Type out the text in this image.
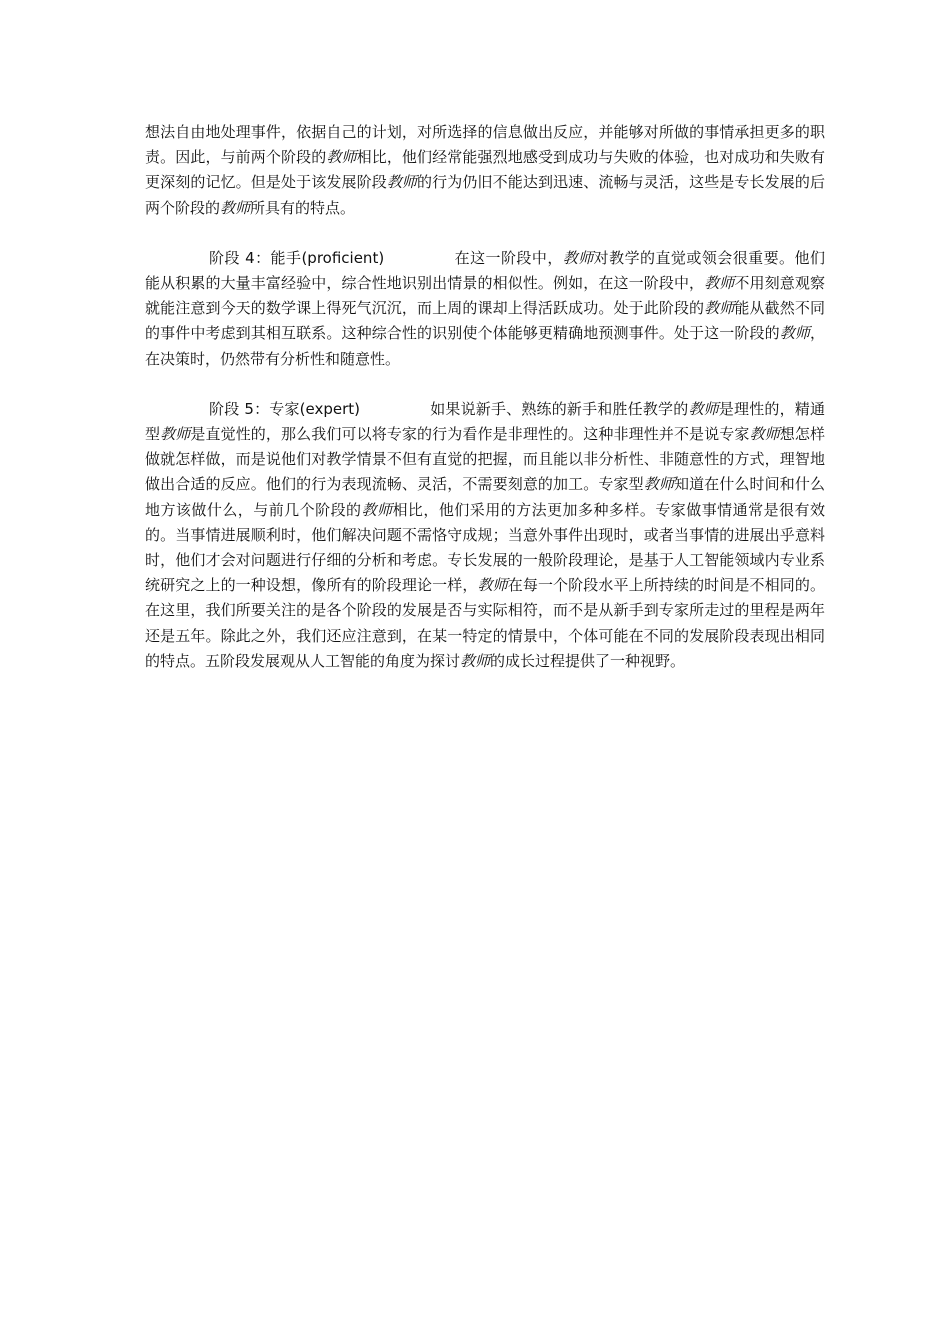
想法自由地处理事件，依据自己的计划，对所选择的信息做出反应，并能够对所做的事情承担更多的职责。因此，与前两个阶段的教师相比，他们经常能强烈地感受到成功与失败的体验，也对成功和失败有更深刻的记忆。但是处于该发展阶段教师的行为仍旧不能达到迅速、流畅与灵活，这些是专长发展的后两个阶段的教师所具有的特点。

阶段 4：能手(proficient)	在这一阶段中，教师对教学的直觉或领会很重要。他们能从积累的大量丰富经验中，综合性地识别出情景的相似性。例如，在这一阶段中，教师不用刻意观察就能注意到今天的数学课上得死气沉沉，而上周的课却上得活跃成功。处于此阶段的教师能从截然不同的事件中考虑到其相互联系。这种综合性的识别使个体能够更精确地预测事件。处于这一阶段的教师，在决策时，仍然带有分析性和随意性。

阶段 5：专家(expert)	如果说新手、熟练的新手和胜任教学的教师是理性的，精通型教师是直觉性的，那么我们可以将专家的行为看作是非理性的。这种非理性并不是说专家教师想怎样做就怎样做，而是说他们对教学情景不但有直觉的把握，而且能以非分析性、非随意性的方式，理智地做出合适的反应。他们的行为表现流畅、灵活，不需要刻意的加工。专家型教师知道在什么时间和什么地方该做什么，与前几个阶段的教师相比，他们采用的方法更加多种多样。专家做事情通常是很有效的。当事情进展顺利时，他们解决问题不需恪守成规；当意外事件出现时，或者当事情的进展出乎意料时，他们才会对问题进行仔细的分析和考虑。专长发展的一般阶段理论，是基于人工智能领域内专业系统研究之上的一种设想，像所有的阶段理论一样，教师在每一个阶段水平上所持续的时间是不相同的。在这里，我们所要关注的是各个阶段的发展是否与实际相符，而不是从新手到专家所走过的里程是两年还是五年。除此之外，我们还应注意到，在某一特定的情景中，个体可能在不同的发展阶段表现出相同的特点。五阶段发展观从人工智能的角度为探讨教师的成长过程提供了一种视野。
